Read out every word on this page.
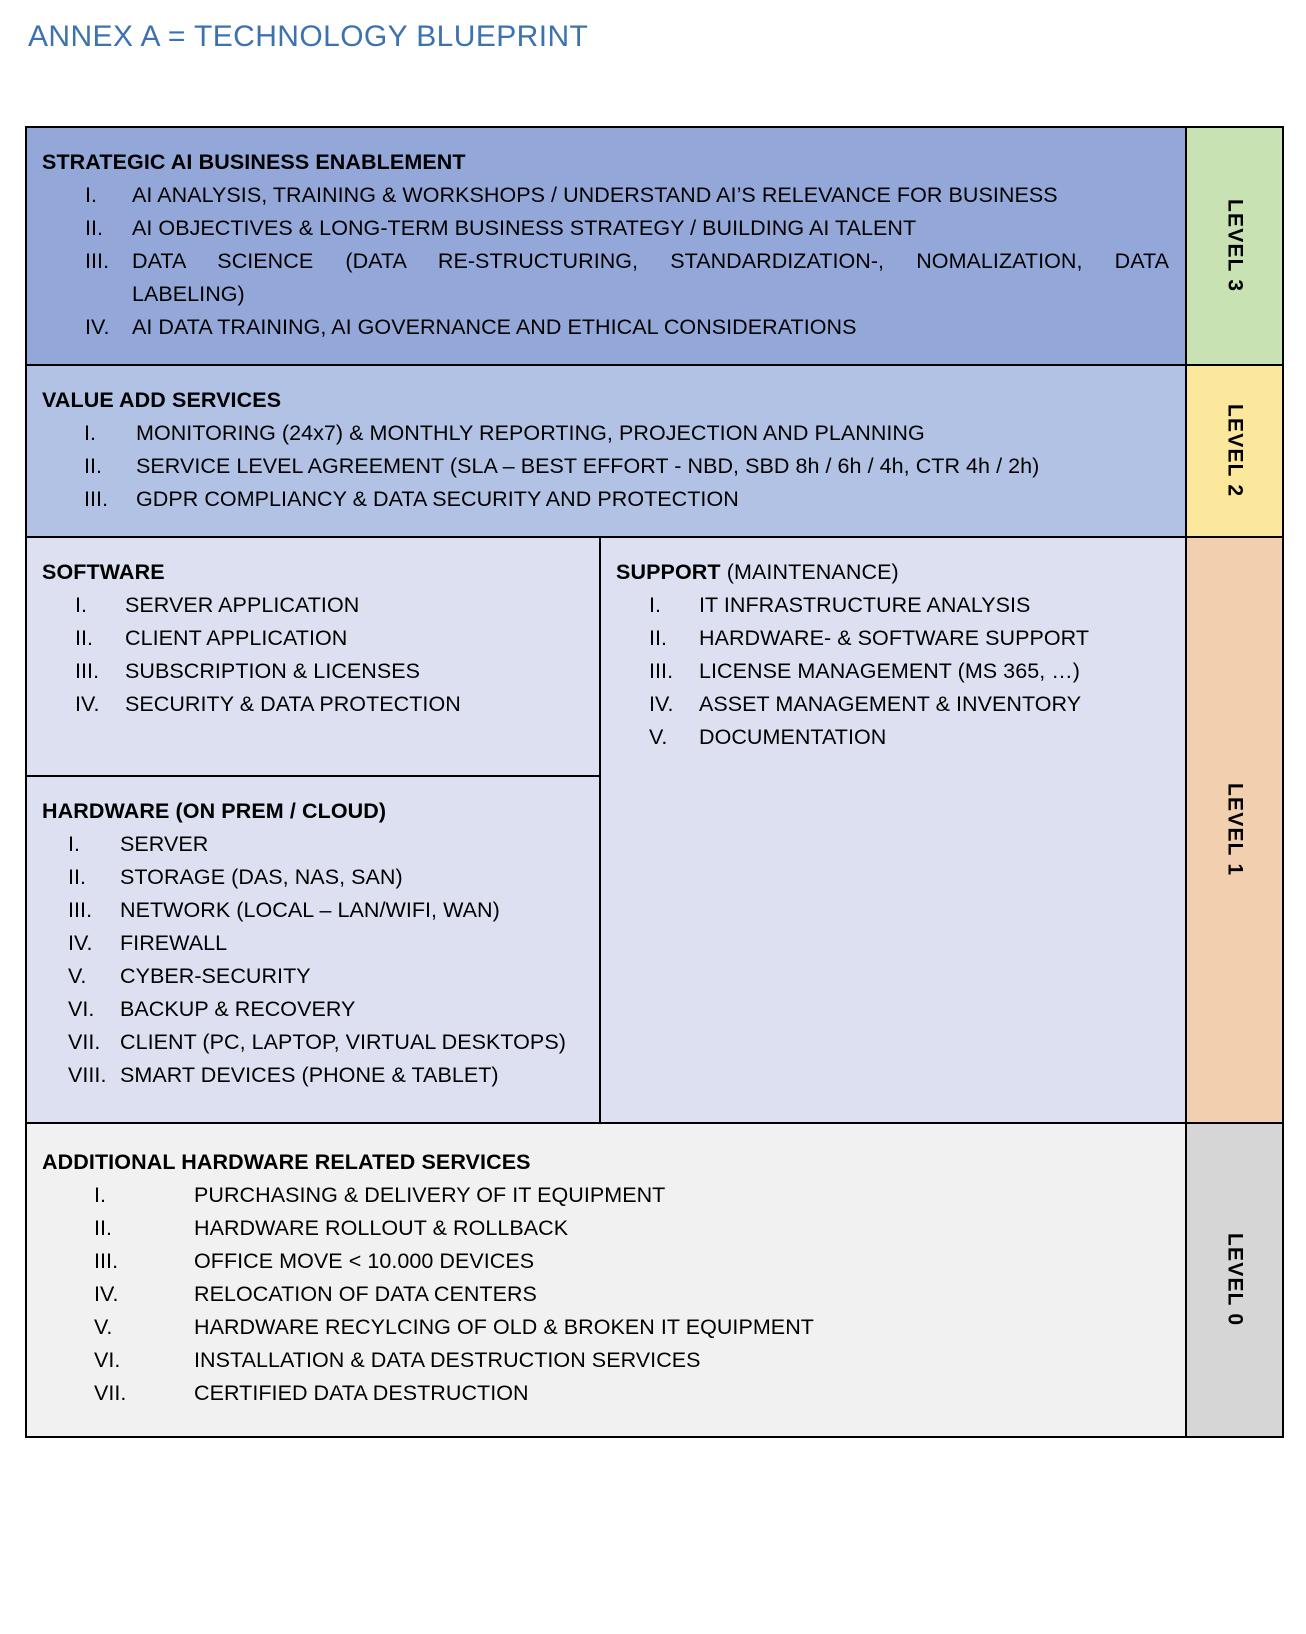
ANNEX A = TECHNOLOGY BLUEPRINT
STRATEGIC AI BUSINESS ENABLEMENT
I.	AI ANALYSIS, TRAINING & WORKSHOPS / UNDERSTAND AI’S RELEVANCE FOR BUSINESS
II.	AI OBJECTIVES & LONG-TERM BUSINESS STRATEGY / BUILDING AI TALENT
III.	DATA SCIENCE (DATA RE-STRUCTURING, STANDARDIZATION-, NOMALIZATION, DATA
LABELING)
IV.	AI DATA TRAINING, AI GOVERNANCE AND ETHICAL CONSIDERATIONS
LEVEL 3
VALUE ADD SERVICES
I.	MONITORING (24x7) & MONTHLY REPORTING, PROJECTION AND PLANNING
II.	SERVICE LEVEL AGREEMENT (SLA – BEST EFFORT - NBD, SBD 8h / 6h / 4h, CTR 4h / 2h)
III.	GDPR COMPLIANCY & DATA SECURITY AND PROTECTION
LEVEL 2
SOFTWARE
I.	SERVER APPLICATION
II.	CLIENT APPLICATION
III.	SUBSCRIPTION & LICENSES
IV.	SECURITY & DATA PROTECTION
HARDWARE (ON PREM / CLOUD)
I.	SERVER
II.	STORAGE (DAS, NAS, SAN)
III.	NETWORK (LOCAL – LAN/WIFI, WAN)
IV.	FIREWALL
V.	CYBER-SECURITY
VI.	BACKUP & RECOVERY
VII. CLIENT (PC, LAPTOP, VIRTUAL DESKTOPS)
VIII. SMART DEVICES (PHONE & TABLET)
SUPPORT (MAINTENANCE)
I.	IT INFRASTRUCTURE ANALYSIS
II.	HARDWARE- & SOFTWARE SUPPORT
III.	LICENSE MANAGEMENT (MS 365, …)
IV.	ASSET MANAGEMENT & INVENTORY
V.	DOCUMENTATION
LEVEL 1
ADDITIONAL HARDWARE RELATED SERVICES
I.	PURCHASING & DELIVERY OF IT EQUIPMENT
II.	HARDWARE ROLLOUT & ROLLBACK
III.	OFFICE MOVE < 10.000 DEVICES
IV.	RELOCATION OF DATA CENTERS
V.	HARDWARE RECYLCING OF OLD & BROKEN IT EQUIPMENT
VI.	INSTALLATION & DATA DESTRUCTION SERVICES
VII.	CERTIFIED DATA DESTRUCTION
LEVEL 0
